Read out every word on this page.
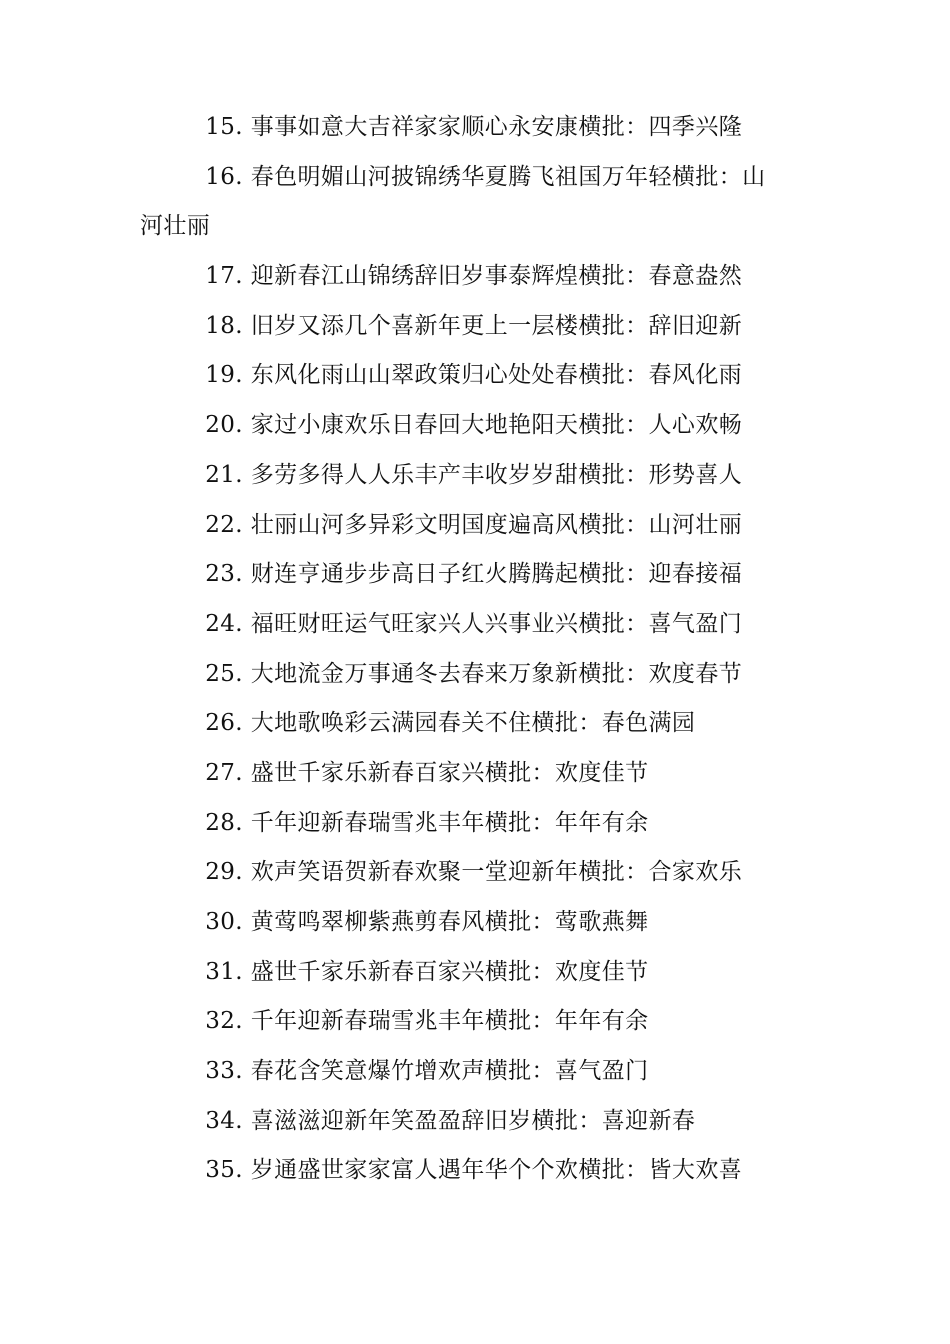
15. 事事如意大吉祥家家顺心永安康横批：四季兴隆
16. 春色明媚山河披锦绣华夏腾飞祖国万年轻横批：山
河壮丽
17. 迎新春江山锦绣辞旧岁事泰辉煌横批：春意盎然
18. 旧岁又添几个喜新年更上一层楼横批：辞旧迎新
19. 东风化雨山山翠政策归心处处春横批：春风化雨
20. 家过小康欢乐日春回大地艳阳天横批：人心欢畅
21. 多劳多得人人乐丰产丰收岁岁甜横批：形势喜人
22. 壮丽山河多异彩文明国度遍高风横批：山河壮丽
23. 财连亨通步步高日子红火腾腾起横批：迎春接福
24. 福旺财旺运气旺家兴人兴事业兴横批：喜气盈门
25. 大地流金万事通冬去春来万象新横批：欢度春节
26. 大地歌唤彩云满园春关不住横批：春色满园
27. 盛世千家乐新春百家兴横批：欢度佳节
28. 千年迎新春瑞雪兆丰年横批：年年有余
29. 欢声笑语贺新春欢聚一堂迎新年横批：合家欢乐
30. 黄莺鸣翠柳紫燕剪春风横批：莺歌燕舞
31. 盛世千家乐新春百家兴横批：欢度佳节
32. 千年迎新春瑞雪兆丰年横批：年年有余
33. 春花含笑意爆竹增欢声横批：喜气盈门
34. 喜滋滋迎新年笑盈盈辞旧岁横批：喜迎新春
35. 岁通盛世家家富人遇年华个个欢横批：皆大欢喜
